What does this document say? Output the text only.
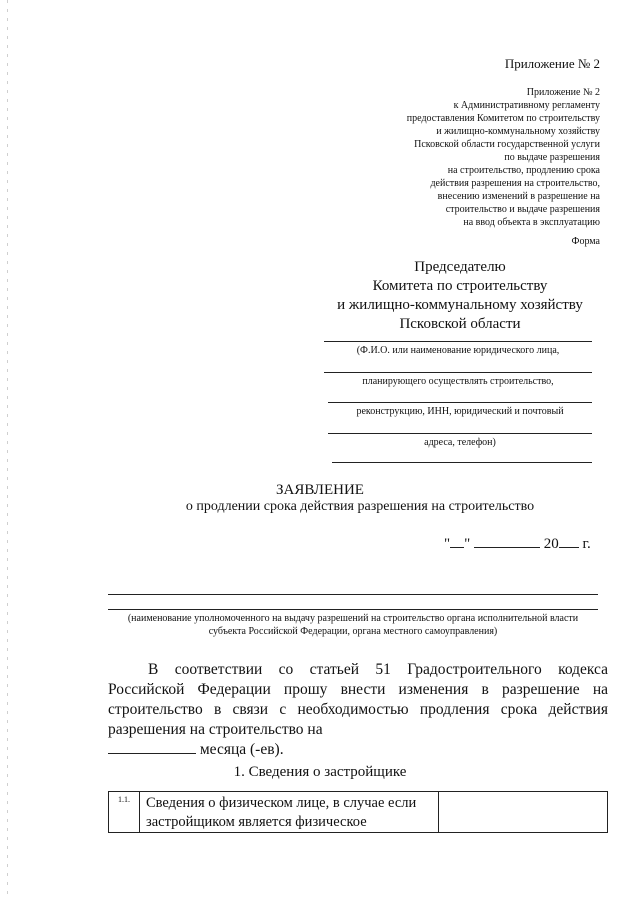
Приложение № 2
Приложение № 2
к Административному регламенту
предоставления Комитетом по строительству
и жилищно-коммунальному хозяйству
Псковской области государственной услуги
по выдаче разрешения
на строительство, продлению срока
действия разрешения на строительство,
внесению изменений в разрешение на
строительство и выдаче разрешения
на ввод объекта в эксплуатацию
Форма
Председателю
Комитета по строительству
и жилищно-коммунальному хозяйству
Псковской области
(Ф.И.О. или наименование юридического лица,
планирующего осуществлять строительство,
реконструкцию, ИНН, юридический и почтовый
адреса, телефон)
ЗАЯВЛЕНИЕ
о продлении срока действия разрешения на строительство
" "	20 г.
(наименование уполномоченного на выдачу разрешений на строительство органа исполнительной власти субъекта Российской Федерации, органа местного самоуправления)
В соответствии со статьей 51 Градостроительного кодекса Российской Федерации прошу внести изменения в разрешение на строительство в связи с необходимостью продления срока действия разрешения на строительство на
месяца (-ев).
1. Сведения о застройщике
1.1.	Сведения о физическом лице, в случае если застройщиком является физическое	
